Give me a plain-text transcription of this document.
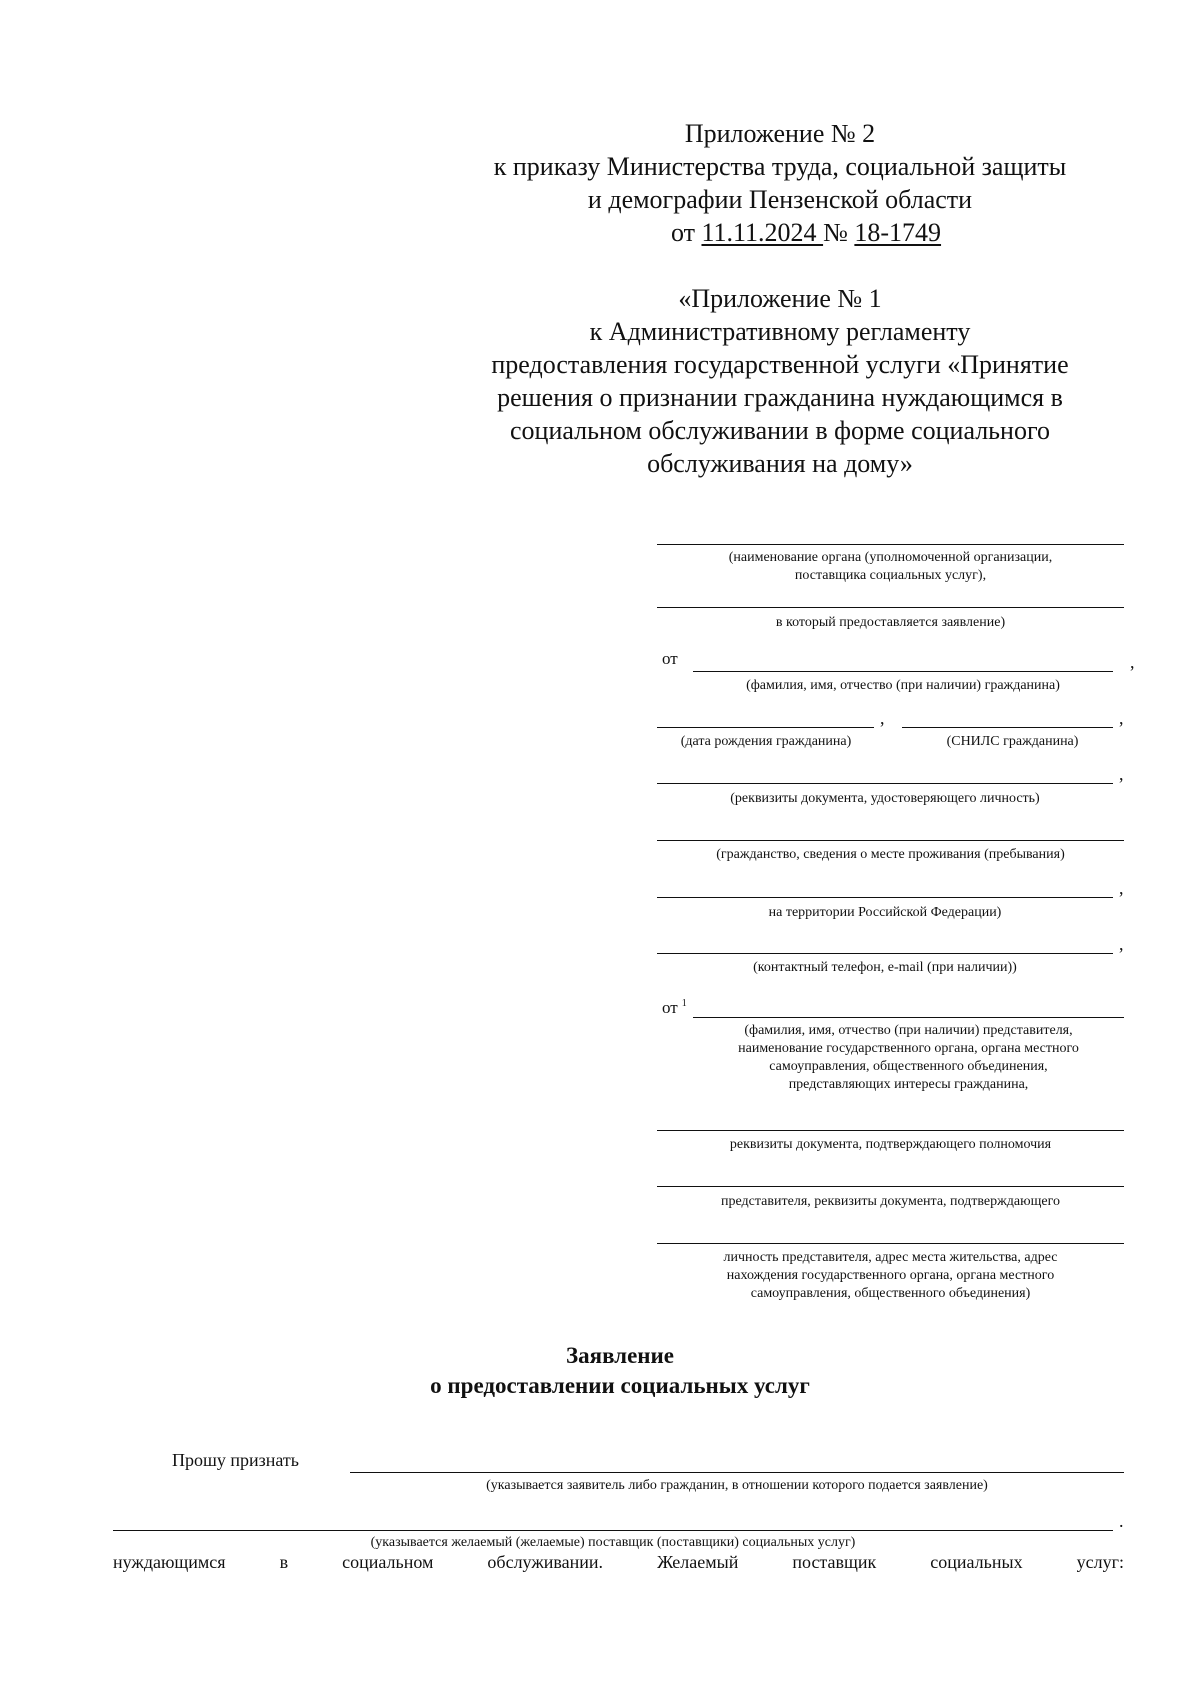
Приложение № 2
к приказу Министерства труда, социальной защиты
и демографии Пензенской области
от 11.11.2024 № 18-1749
«Приложение № 1
к Административному регламенту
предоставления государственной услуги «Принятие
решения о признании гражданина нуждающимся в
социальном обслуживании в форме социального
обслуживания на дому»
(наименование органа (уполномоченной организации,
поставщика социальных услуг),
в который предоставляется заявление)
от	,
(фамилия, имя, отчество (при наличии) гражданина)
,	,
(дата рождения гражданина)	(СНИЛС гражданина)
,
(реквизиты документа, удостоверяющего личность)
(гражданство, сведения о месте проживания (пребывания)
,
на территории Российской Федерации)
,
(контактный телефон, e-mail (при наличии))
от $^1$
(фамилия, имя, отчество (при наличии) представителя,
наименование государственного органа, органа местного
самоуправления, общественного объединения,
представляющих интересы гражданина,
реквизиты документа, подтверждающего полномочия
представителя, реквизиты документа, подтверждающего
личность представителя, адрес места жительства, адрес
нахождения государственного органа, органа местного
самоуправления, общественного объединения)
Заявление
о предоставлении социальных услуг
Прошу признать
(указывается заявитель либо гражданин, в отношении которого подается заявление)
.
(указывается желаемый (желаемые) поставщик (поставщики) социальных услуг)
нуждающимся	в	социальном	обслуживании.	Желаемый	поставщик	социальных	услуг:
